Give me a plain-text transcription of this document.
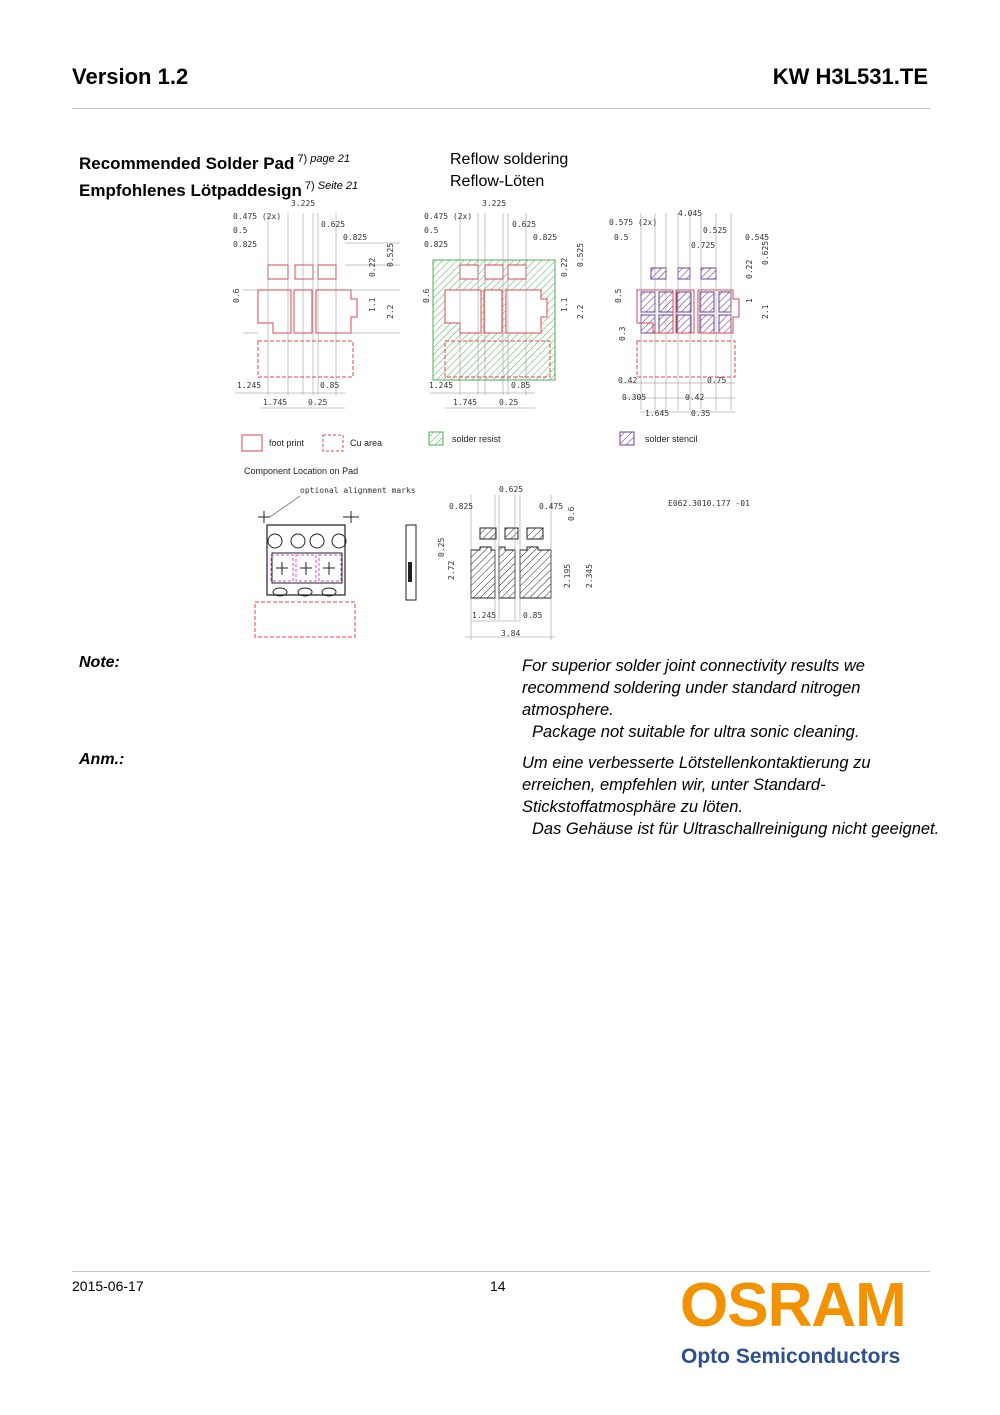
Version 1.2	KW H3L531.TE
Recommended Solder Pad $^{7) page 21}$
Empfohlenes Lötpaddesign $^{7) Seite 21}$
Reflow soldering
Reflow-Löten
3.225
0.475 (2x)
0.5
0.825
0.625
0.825
0.22
0.525
1.1 2.2
0.6
1.245	0.85
1.745	0.25
3.225
0.475 (2x)
0.5
0.825
0.625
0.825
0.22
0.525
1.1 2.2
0.6
1.245	0.85
1.745	0.25
4.045
0.575 (2x)
0.5
0.525
0.725
0.545
0.22
0.625
1
2.1
0.5
0.3
0.42	0.75
0.305	0.42
1.645	0.35
foot print	Cu area	solder resist	solder stencil
Component Location on Pad
optional alignment marks	0.625
0.825	0.475
0.6
0.25
2.72	2.195 2.345
1.245	0.85
3.84
E062.3010.177 -01
Note:	For superior solder joint connectivity results we recommend soldering under standard nitrogen atmosphere.

Package not suitable for ultra sonic cleaning.

Anm.:	Um eine verbesserte Lötstellenkontaktierung zu erreichen, empfehlen wir, unter Standard-Stickstoffatmosphäre zu löten.

Das Gehäuse ist für Ultraschallreinigung nicht geeignet.

2015-06-17	14	OSRAM
Opto Semiconductors
